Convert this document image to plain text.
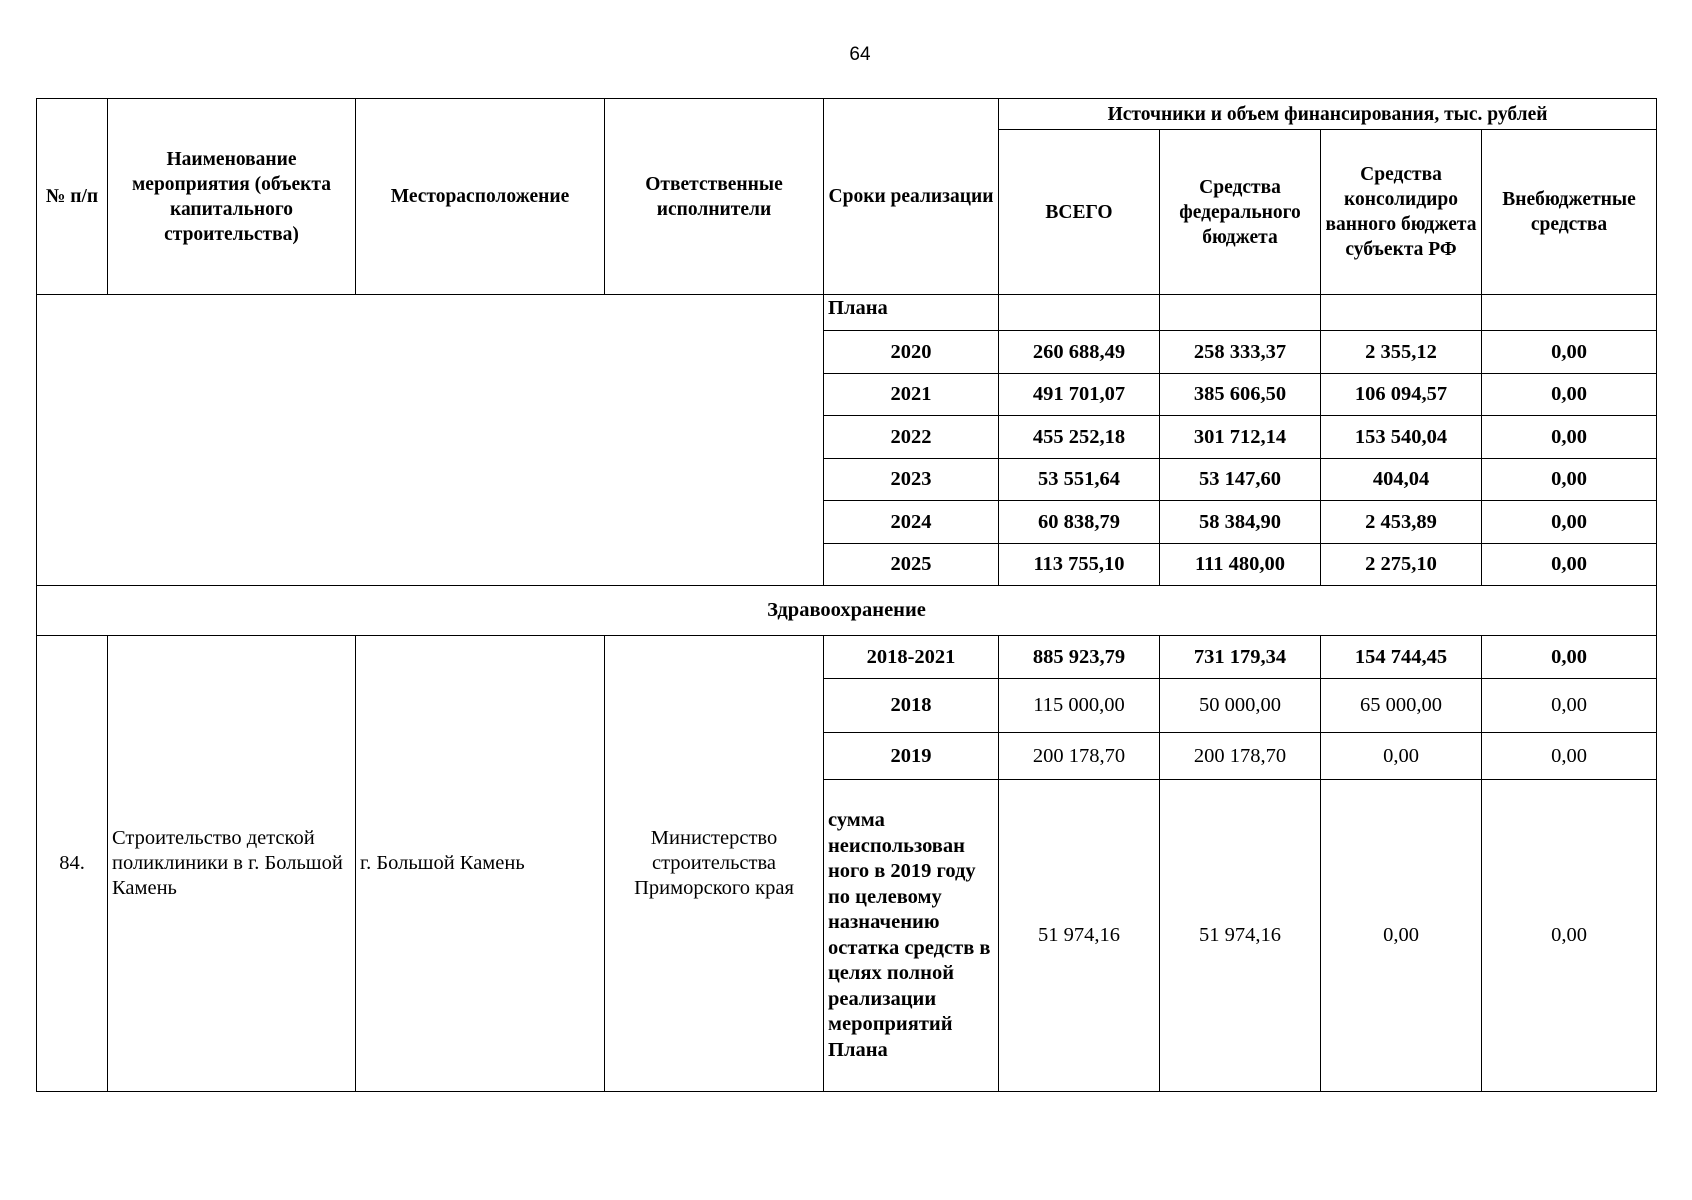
64
№ п/п	Наименование мероприятия (объекта капитального строительства)	Месторасположение	Ответственные исполнители	Сроки реализации	Источники и объем финансирования, тыс. рублей			
					ВСЕГО	Средства федерального бюджета	Средства консолидиро ванного бюджета субъекта РФ	Внебюджетные средства
				Плана				
				2020	260 688,49	258 333,37	2 355,12	0,00
				2021	491 701,07	385 606,50	106 094,57	0,00
				2022	455 252,18	301 712,14	153 540,04	0,00
				2023	53 551,64	53 147,60	404,04	0,00
				2024	60 838,79	58 384,90	2 453,89	0,00
				2025	113 755,10	111 480,00	2 275,10	0,00
Здравоохранение								
84.	Строительство детской поликлиники в г. Большой Камень	г. Большой Камень	Министерство строительства Приморского края	2018-2021	885 923,79	731 179,34	154 744,45	0,00
				2018	115 000,00	50 000,00	65 000,00	0,00
				2019	200 178,70	200 178,70	0,00	0,00
				сумма неиспользован ного в 2019 году по целевому назначению остатка средств в целях полной реализации мероприятий Плана	51 974,16	51 974,16	0,00	0,00
